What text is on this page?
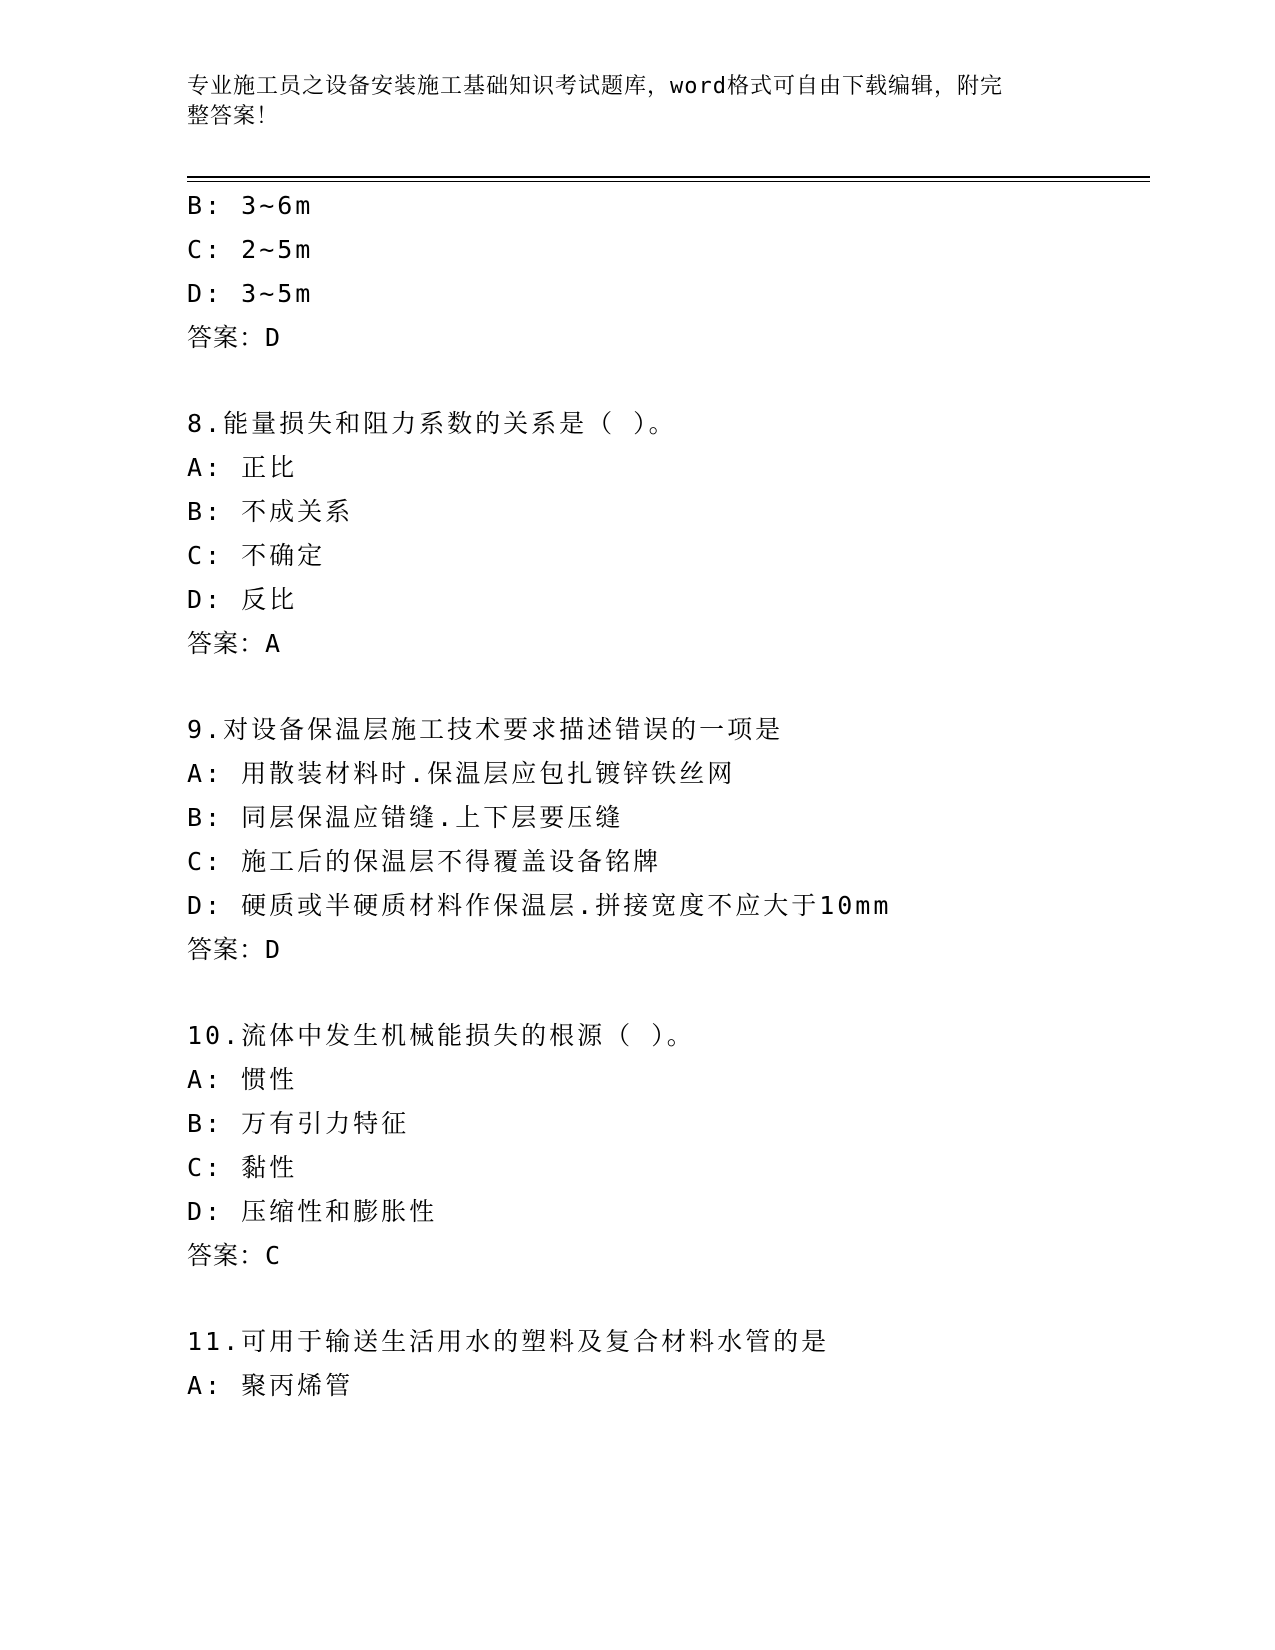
专业施工员之设备安装施工基础知识考试题库，word格式可自由下载编辑，附完
整答案！
B: 3~6m
C: 2~5m
D: 3~5m
答案：D
8.能量损失和阻力系数的关系是（ ）。
A: 正比
B: 不成关系
C: 不确定
D: 反比
答案：A
9.对设备保温层施工技术要求描述错误的一项是
A: 用散装材料时.保温层应包扎镀锌铁丝网
B: 同层保温应错缝.上下层要压缝
C: 施工后的保温层不得覆盖设备铭牌
D: 硬质或半硬质材料作保温层.拼接宽度不应大于10mm
答案：D
10.流体中发生机械能损失的根源（ ）。
A: 惯性
B: 万有引力特征
C: 黏性
D: 压缩性和膨胀性
答案：C
11.可用于输送生活用水的塑料及复合材料水管的是
A: 聚丙烯管
